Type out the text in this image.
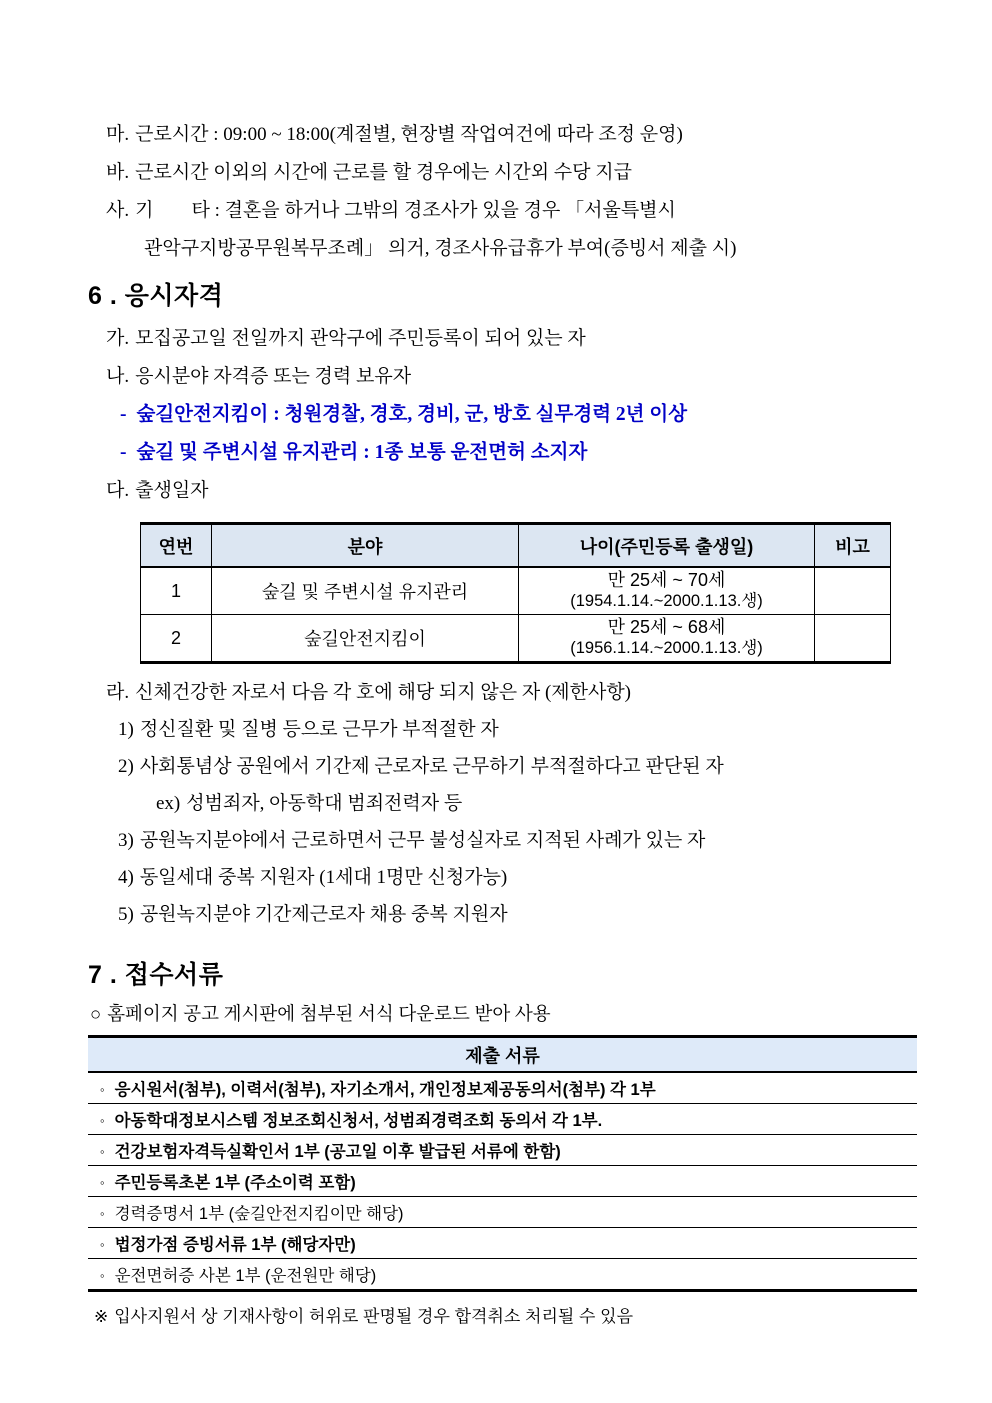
마. 근로시간 : 09:00 ~ 18:00(계절별, 현장별 작업여건에 따라 조정 운영)

바. 근로시간 이외의 시간에 근로를 할 경우에는 시간외 수당 지급

사. 기　　타 : 결혼을 하거나 그밖의 경조사가 있을 경우 「서울특별시

관악구지방공무원복무조례」 의거, 경조사유급휴가 부여(증빙서 제출 시)

6 . 응시자격

가. 모집공고일 전일까지 관악구에 주민등록이 되어 있는 자

나. 응시분야 자격증 또는 경력 보유자

- 숲길안전지킴이 : 청원경찰, 경호, 경비, 군, 방호 실무경력 2년 이상

- 숲길 및 주변시설 유지관리 : 1종 보통 운전면허 소지자

다. 출생일자

연번	분야	나이(주민등록 출생일)	비고
1	숲길 및 주변시설 유지관리	만 25세 ~ 70세
(1954.1.14.~2000.1.13.생)	

2	숲길안전지킴이	만 25세 ~ 68세
(1956.1.14.~2000.1.13.생)	

라. 신체건강한 자로서 다음 각 호에 해당 되지 않은 자 (제한사항)

1) 정신질환 및 질병 등으로 근무가 부적절한 자

2) 사회통념상 공원에서 기간제 근로자로 근무하기 부적절하다고 판단된 자

ex) 성범죄자, 아동학대 범죄전력자 등

3) 공원녹지분야에서 근로하면서 근무 불성실자로 지적된 사례가 있는 자

4) 동일세대 중복 지원자 (1세대 1명만 신청가능)

5) 공원녹지분야 기간제근로자 채용 중복 지원자

7 . 접수서류

○ 홈페이지 공고 게시판에 첨부된 서식 다운로드 받아 사용

제출 서류
◦ 응시원서(첨부), 이력서(첨부), 자기소개서, 개인정보제공동의서(첨부) 각 1부
◦ 아동학대정보시스템 정보조회신청서, 성범죄경력조회 동의서 각 1부.
◦ 건강보험자격득실확인서 1부 (공고일 이후 발급된 서류에 한함)
◦ 주민등록초본 1부 (주소이력 포함)
◦ 경력증명서 1부 (숲길안전지킴이만 해당)
◦ 법정가점 증빙서류 1부 (해당자만)
◦ 운전면허증 사본 1부 (운전원만 해당)

※ 입사지원서 상 기재사항이 허위로 판명될 경우 합격취소 처리될 수 있음
